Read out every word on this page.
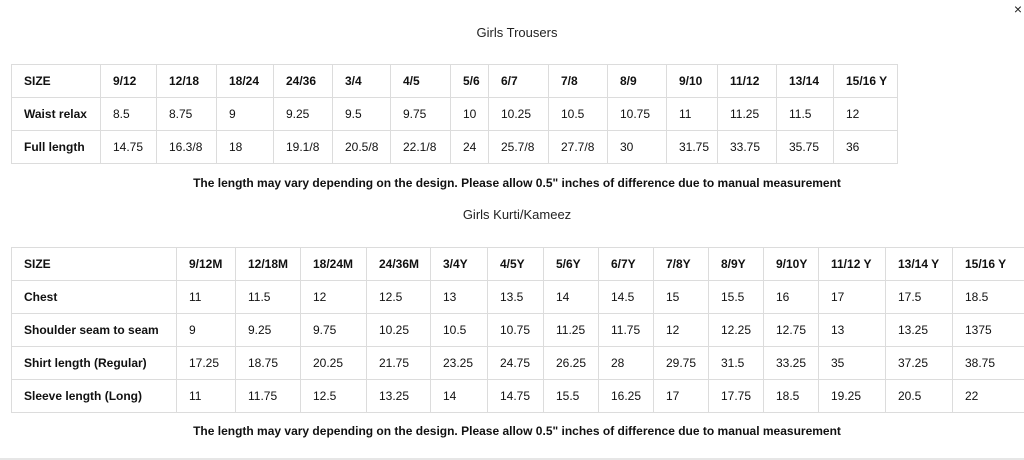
×
Girls Trousers
SIZE	9/12	12/18	18/24	24/36	3/4	4/5	5/6	6/7	7/8	8/9	9/10	11/12	13/14	15/16 Y
Waist relax	8.5	8.75	9	9.25	9.5	9.75	10	10.25	10.5	10.75	11	11.25	11.5	12
Full length	14.75	16.3/8	18	19.1/8	20.5/8	22.1/8	24	25.7/8	27.7/8	30	31.75	33.75	35.75	36
The length may vary depending on the design. Please allow 0.5" inches of difference due to manual measurement
Girls Kurti/Kameez
SIZE	9/12M	12/18M	18/24M	24/36M	3/4Y	4/5Y	5/6Y	6/7Y	7/8Y	8/9Y	9/10Y	11/12 Y	13/14 Y	15/16 Y
Chest	11	11.5	12	12.5	13	13.5	14	14.5	15	15.5	16	17	17.5	18.5
Shoulder seam to seam	9	9.25	9.75	10.25	10.5	10.75	11.25	11.75	12	12.25	12.75	13	13.25	1375
Shirt length (Regular)	17.25	18.75	20.25	21.75	23.25	24.75	26.25	28	29.75	31.5	33.25	35	37.25	38.75
Sleeve length (Long)	11	11.75	12.5	13.25	14	14.75	15.5	16.25	17	17.75	18.5	19.25	20.5	22
The length may vary depending on the design. Please allow 0.5" inches of difference due to manual measurement
